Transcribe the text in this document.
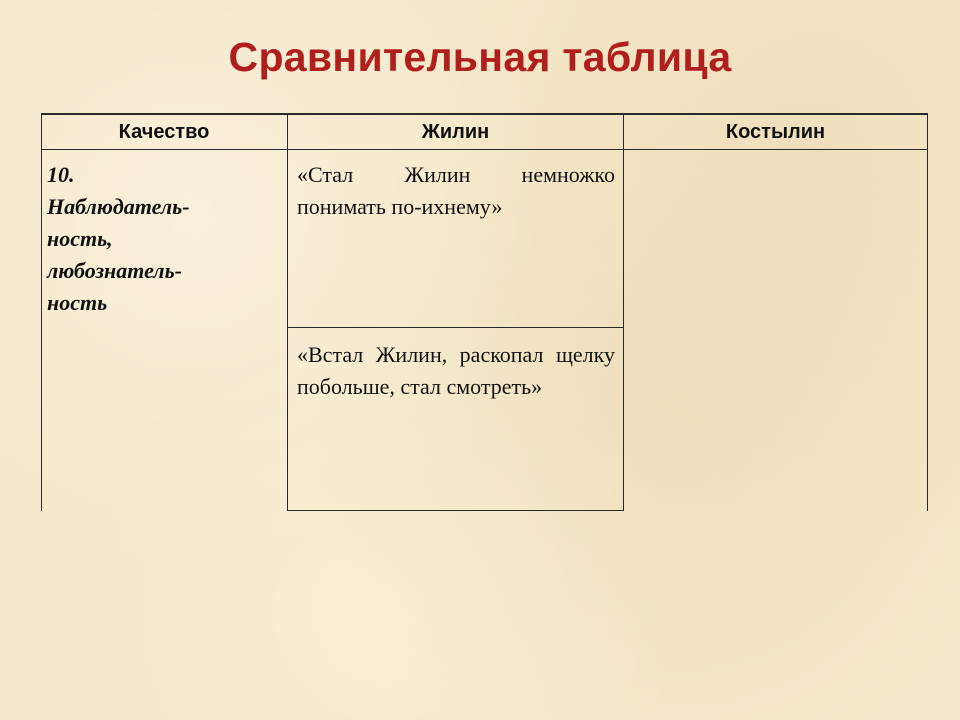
Сравнительная таблица
Качество	Жилин	Костылин
10.
Наблюдатель-
ность,
любознатель-
ность

«Стал Жилин немножко понимать по-ихнему»

«Встал Жилин, раскопал щелку побольше, стал смотреть»
